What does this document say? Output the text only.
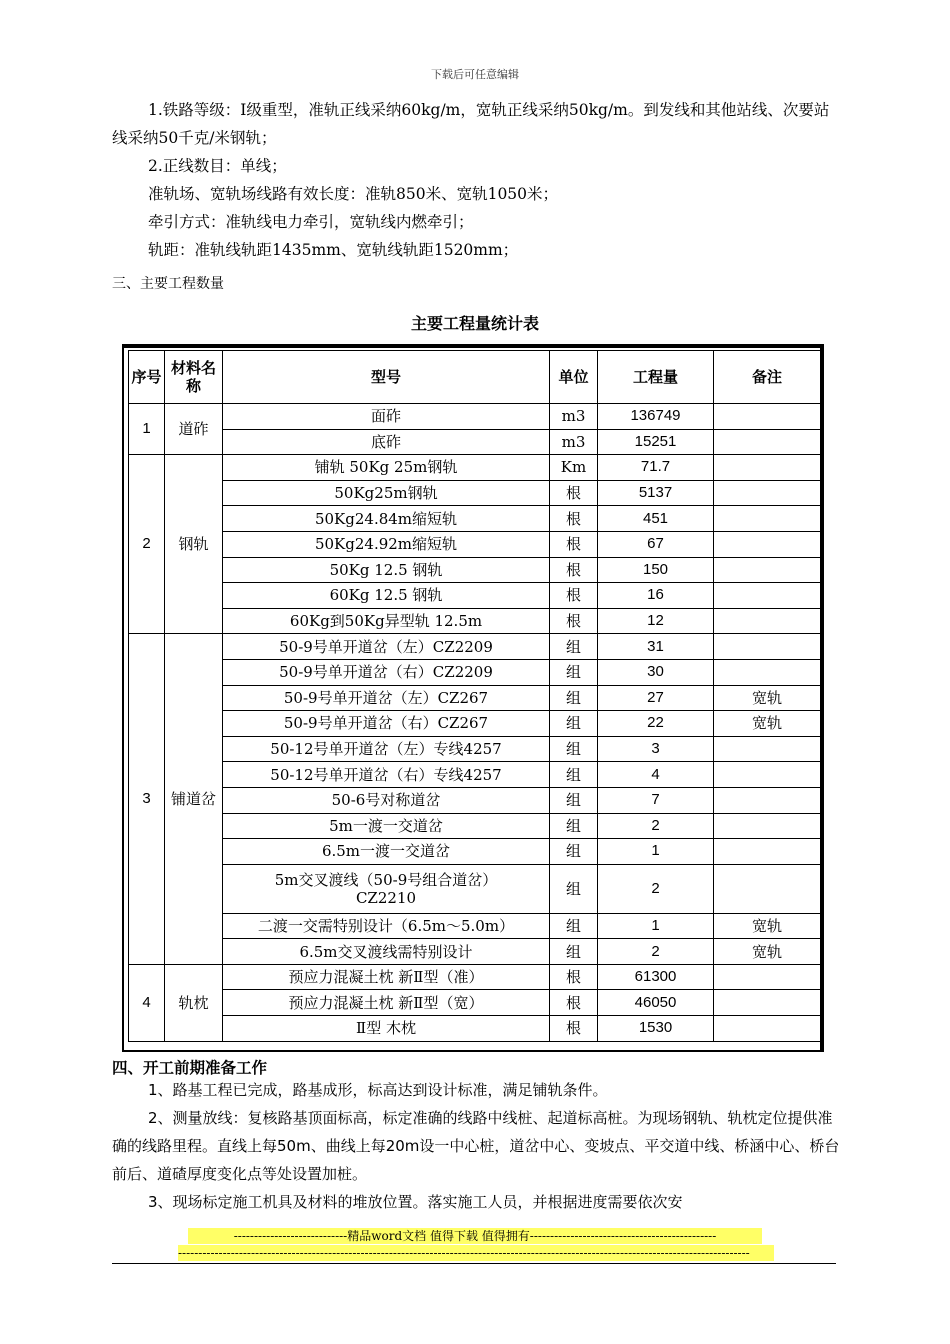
下载后可任意编辑

1.铁路等级：Ⅰ级重型，准轨正线采纳60kg/m，宽轨正线采纳50kg/m。到发线和其他站线、次要站线采纳50千克/米钢轨；

2.正线数目：单线；

准轨场、宽轨场线路有效长度：准轨850米、宽轨1050米；

牵引方式：准轨线电力牵引，宽轨线内燃牵引；

轨距：准轨线轨距1435mm、宽轨线轨距1520mm；

三、主要工程数量
主要工程量统计表
序号	材料名称	型号	单位	工程量	备注
1	道砟	面砟	m3	136749	
		底砟	m3	15251	
2	钢轨	铺轨 50Kg 25m钢轨	Km	71.7	
		50Kg25m钢轨	根	5137	
		50Kg24.84m缩短轨	根	451	
		50Kg24.92m缩短轨	根	67	
		50Kg 12.5 钢轨	根	150	
		60Kg 12.5 钢轨	根	16	
		60Kg到50Kg异型轨 12.5m	根	12	
3	铺道岔	50-9号单开道岔（左）CZ2209	组	31	
		50-9号单开道岔（右）CZ2209	组	30	
		50-9号单开道岔（左）CZ267	组	27	宽轨
		50-9号单开道岔（右）CZ267	组	22	宽轨
		50-12号单开道岔（左）专线4257	组	3	
		50-12号单开道岔（右）专线4257	组	4	
		50-6号对称道岔	组	7	
		5m一渡一交道岔	组	2	
		6.5m一渡一交道岔	组	1	
		5m交叉渡线（50-9号组合道岔）CZ2210	组	2	
		二渡一交需特别设计（6.5m～5.0m）	组	1	宽轨
		6.5m交叉渡线需特别设计	组	2	宽轨
4	轨枕	预应力混凝土枕 新Ⅱ型（准）	根	61300	
		预应力混凝土枕 新Ⅱ型（宽）	根	46050	
		Ⅱ型 木枕	根	1530	
四、开工前期准备工作

1、路基工程已完成，路基成形，标高达到设计标准，满足铺轨条件。

2、测量放线：复核路基顶面标高，标定准确的线路中线桩、起道标高桩。为现场钢轨、轨枕定位提供准确的线路里程。直线上每50m、曲线上每20m设一中心桩，道岔中心、变坡点、平交道中线、桥涵中心、桥台前后、道碴厚度变化点等处设置加桩。

3、现场标定施工机具及材料的堆放位置。落实施工人员，并根据进度需要依次安

----------------------------精品word文档 值得下载 值得拥有----------------------------------------------
---------------------------------------------------------------------------------------------------------------------------------------------
